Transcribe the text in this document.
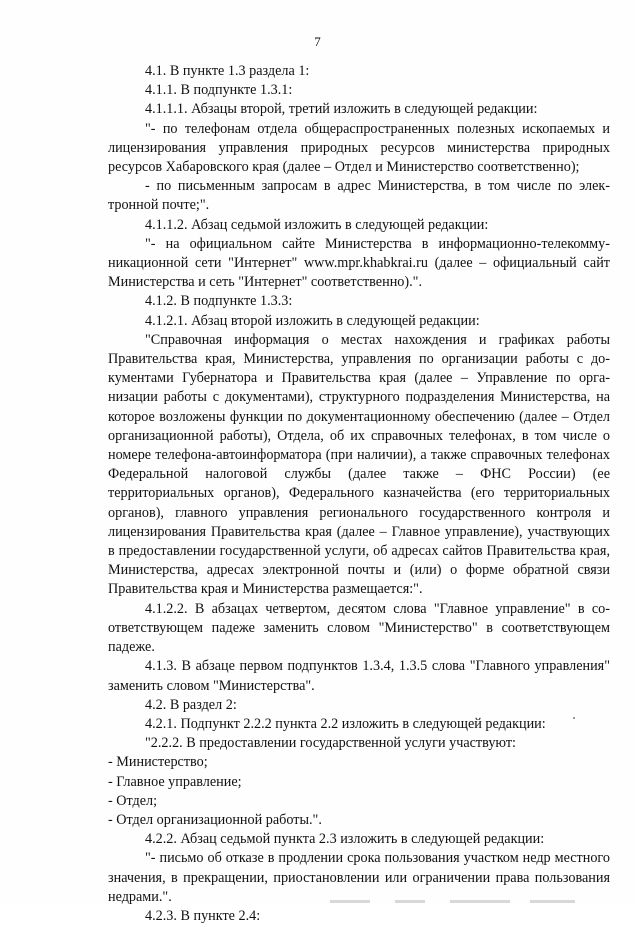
7

4.1. В пункте 1.3 раздела 1:

4.1.1. В подпункте 1.3.1:

4.1.1.1. Абзацы второй, третий изложить в следующей редакции:

"- по телефонам отдела общераспространенных полезных ископаемых и лицензирования управления природных ресурсов министерства природных ресурсов Хабаровского края (далее – Отдел и Министерство соответственно);

- по письменным запросам в адрес Министерства, в том числе по электронной почте;".

4.1.1.2. Абзац седьмой изложить в следующей редакции:

"- на официальном сайте Министерства в информационно-телекоммуникационной сети "Интернет" www.mpr.khabkrai.ru (далее – официальный сайт Министерства и сеть "Интернет" соответственно).".

4.1.2. В подпункте 1.3.3:

4.1.2.1. Абзац второй изложить в следующей редакции:

"Справочная информация о местах нахождения и графиках работы Правительства края, Министерства, управления по организации работы с документами Губернатора и Правительства края (далее – Управление по организации работы с документами), структурного подразделения Министерства, на которое возложены функции по документационному обеспечению (далее – Отдел организационной работы), Отдела, об их справочных телефонах, в том числе о номере телефона-автоинформатора (при наличии), а также справочных телефонах Федеральной налоговой службы (далее также – ФНС России) (ее территориальных органов), Федерального казначейства (его территориальных органов), главного управления регионального государственного контроля и лицензирования Правительства края (далее – Главное управление), участвующих в предоставлении государственной услуги, об адресах сайтов Правительства края, Министерства, адресах электронной почты и (или) о форме обратной связи Правительства края и Министерства размещается:".

4.1.2.2. В абзацах четвертом, десятом слова "Главное управление" в соответствующем падеже заменить словом "Министерство" в соответствующем падеже.

4.1.3. В абзаце первом подпунктов 1.3.4, 1.3.5 слова "Главного управления" заменить словом "Министерства".

4.2. В раздел 2:

4.2.1. Подпункт 2.2.2 пункта 2.2 изложить в следующей редакции:

"2.2.2. В предоставлении государственной услуги участвуют:

- Министерство;

- Главное управление;

- Отдел;

- Отдел организационной работы.".

4.2.2. Абзац седьмой пункта 2.3 изложить в следующей редакции:

"- письмо об отказе в продлении срока пользования участком недр местного значения, в прекращении, приостановлении или ограничении права пользования недрами.".

4.2.3. В пункте 2.4:
